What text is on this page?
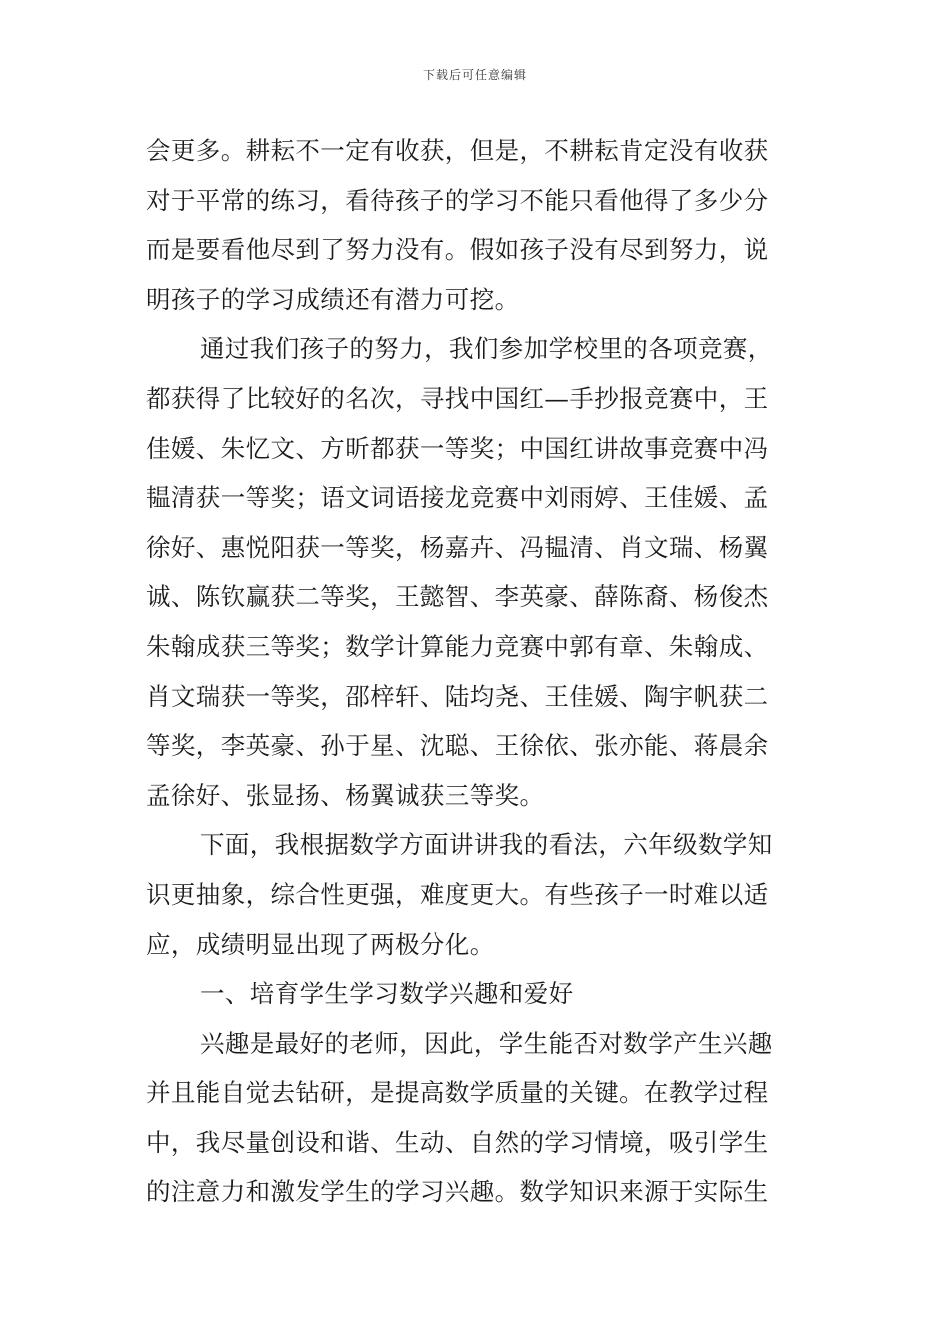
下载后可任意编辑
会更多。耕耘不一定有收获，但是，不耕耘肯定没有收获
对于平常的练习，看待孩子的学习不能只看他得了多少分
而是要看他尽到了努力没有。假如孩子没有尽到努力，说
明孩子的学习成绩还有潜力可挖。
通过我们孩子的努力，我们参加学校里的各项竞赛，
都获得了比较好的名次，寻找中国红—手抄报竞赛中，王
佳媛、朱忆文、方昕都获一等奖；中国红讲故事竞赛中冯
韫清获一等奖；语文词语接龙竞赛中刘雨婷、王佳媛、孟
徐好、惠悦阳获一等奖，杨嘉卉、冯韫清、肖文瑞、杨翼
诚、陈钦赢获二等奖，王懿智、李英豪、薛陈裔、杨俊杰
朱翰成获三等奖；数学计算能力竞赛中郭有章、朱翰成、
肖文瑞获一等奖，邵梓轩、陆均尧、王佳媛、陶宇帆获二
等奖，李英豪、孙于星、沈聪、王徐依、张亦能、蒋晨余
孟徐好、张显扬、杨翼诚获三等奖。
下面，我根据数学方面讲讲我的看法，六年级数学知
识更抽象，综合性更强，难度更大。有些孩子一时难以适
应，成绩明显出现了两极分化。
一、培育学生学习数学兴趣和爱好
兴趣是最好的老师，因此，学生能否对数学产生兴趣
并且能自觉去钻研，是提高数学质量的关键。在教学过程
中，我尽量创设和谐、生动、自然的学习情境，吸引学生
的注意力和激发学生的学习兴趣。数学知识来源于实际生
